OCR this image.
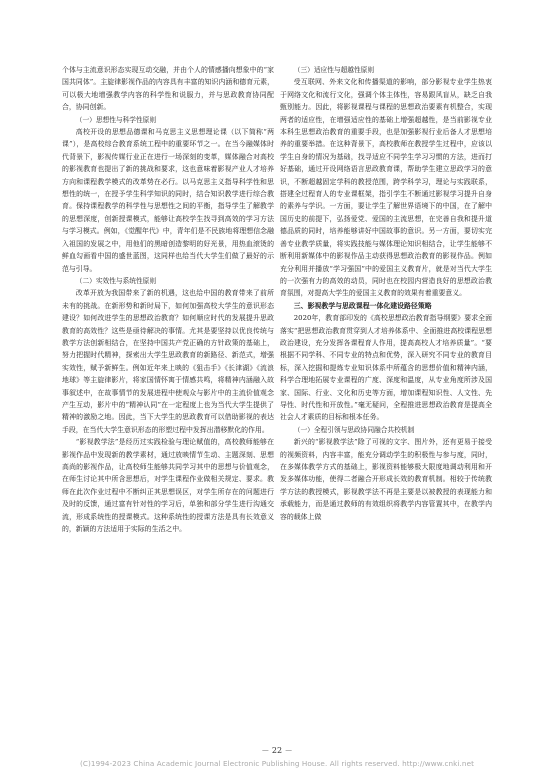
个体与主流意识形态实现互动交融，并由个人的情感播向想象中的“家国共同体”。主旋律影视作品的内容具有丰富的知识内涵和德育元素，可以极大地增强教学内容的科学性和说服力，并与思政教育协同配合，协同创新。

（一）思想性与科学性原则

高校开设的思想品德课和马克思主义思想理论课（以下简称“两课”），是高校综合教育系统工程中的重要环节之一。在当今融媒体时代背景下，影视传媒行业正在进行一场深刻的变革，媒体融合对高校的影视教育也提出了新的挑战和要求，这也意味着影视产业人才培养方向和课程教学模式的改革势在必行。以马克思主义指导科学性和思想性的统一，在授予学生科学知识的同时，结合知识教学进行综合教育。保持课程教学的科学性与思想性之间的平衡，指导学生了解教学的思想深度，创新授课模式，能够让高校学生找寻到高效的学习方法与学习模式。例如，《觉醒年代》中，青年们是不民族地将理想信念融入祖国的发展之中，用他们的黑暗创造黎明的好光景，用热血滚烫的鲜血勾画看中国的盛世蓝图，这同样也给当代大学生们做了最好的示范与引导。

（二）实效性与系统性原则

改革开放为我国带来了新的机遇，这也给中国的教育带来了前所未有的挑战。在新形势和新时局下，如何加强高校大学生的意识形态建设？如何改进学生的思想政治教育？如何顺应时代的发展提升思政教育的高效性？这些是亟待解决的事情。尤其是要坚持以优良传统与教学方法创新相结合，在坚持中国共产党正确的方针政策的基础上，努力把握时代精神，探索出大学生思政教育的新路径、新范式，增强实效性，赋予新鲜生。例如近年来上映的《狙击手》《长津湖》《流浪地球》等主旋律影片，将家国情怀寓于情感共鸣，将精神内涵融入故事叙述中，在故事情节的发展进程中使观众与影片中的主流价值观念产生互动，影片中的“精神认同”在一定程度上也为当代大学生提供了精神的激励之地。因此，当下大学生的思政教育可以借助影视的表达手段，在当代大学生意识形态的形塑过程中发挥出潜移默化的作用。

“影视教学法”是经历过实践检验与理论赋值的，高校教师能够在影视作品中发现新的教学素材，通过放映情节生动、主题深刻、思想高尚的影视作品，让高校师生能够共同学习其中的思想与价值观念，在师生讨论其中所含思想后，对学生课程作业做相关规定、要求。教师在此次作业过程中不断纠正其思想误区，对学生所存在的问题进行及时的反馈，通过富有针对性的学习后，单独和部分学生进行沟通交流，形成系统性的授课模式。这种系统性的授课方法是具有长效意义的，新颖的方法适用于实际的生活之中。

（三）适应性与超越性原则

受互联网、外来文化和传播渠道的影响，部分影视专业学生热衷于网络文化和流行文化，强调个体主体性，容易跟风盲从，缺乏自我甄别能力。因此，将影视课程与课程的思想政治要素有机整合，实现两者的适应性，在增强适应性的基础上增强超越性，是当前影视专业本科生思想政治教育的重要手段，也是加强影视行业后备人才思想培养的重要举措。在这种背景下，高校教师在教授学生过程中，应该以学生自身的情况为基础，找寻适应不同学生学习习惯的方法，进而打好基础，通过开设网络语言思政教育课，帮助学生建立思政学习的意识，不断超越固定学科的教授范围，跨学科学习，理论与实践联系，搭建全过程育人的专业课框架，指引学生不断通过影视学习提升自身的素养与学识。一方面，要让学生了解世界语境下的中国，在了解中国历史的前提下，弘扬爱党、爱国的主流思想，在完善自我和提升道德品质的同时，培养能够讲好中国故事的意识。另一方面，要切实完善专业教学质量，将实践技能与媒体理论知识相结合，让学生能够不断利用新媒体中的影视作品主动获得思想政治教育的影视作品。例如充分利用并播放“学习强国”中的爱国主义教育片，就是对当代大学生的一次强有力的高效的动员，同时也在校园内营造良好的思想政治教育氛围，对提高大学生的爱国主义教育的效果有着重要意义。

三、影视教学与思政课程一体化建设路径策略

2020年，教育部印发的《高校思想政治教育指导纲要》要求全面落实“把思想政治教育贯穿到人才培养体系中、全面推进高校课程思想政治建设，充分发挥各课程育人作用，提高高校人才培养质量”。“要根据不同学科、不同专业的特点和优势，深入研究不同专业的教育目标，深入挖掘和提炼专业知识体系中所蕴含的思想价值和精神内涵，科学合理地拓展专业课程的广度、深度和温度，从专业角度所涉及国家、国际、行业、文化和历史等方面，增加课程知识性、人文性、先导性、时代性和开放性。”毫无疑问，全程推进思想政治教育是提高全社会人才素质的目标和根本任务。

（一）全程引领与思政协同融合共校机制

新兴的“影视教学法”除了可视的文字、图片外，还有更易于接受的视频资料，内容丰富，能充分调动学生的积极性与参与度，同时，在多媒体教学方式的基础上，影视资料能够极大限度地调动利用和开发多媒体功能，使得二者融合开形成长效的教育机制。相较于传统教学方法的教授模式，影视教学法不再是主要是以被教授的表现能力和承载能力，而是通过教师的有效组织将教学内容管置其中，在教学内容的载体上做

－ 22 －
(C)1994-2023 China Academic Journal Electronic Publishing House. All rights reserved. http://www.cnki.net
